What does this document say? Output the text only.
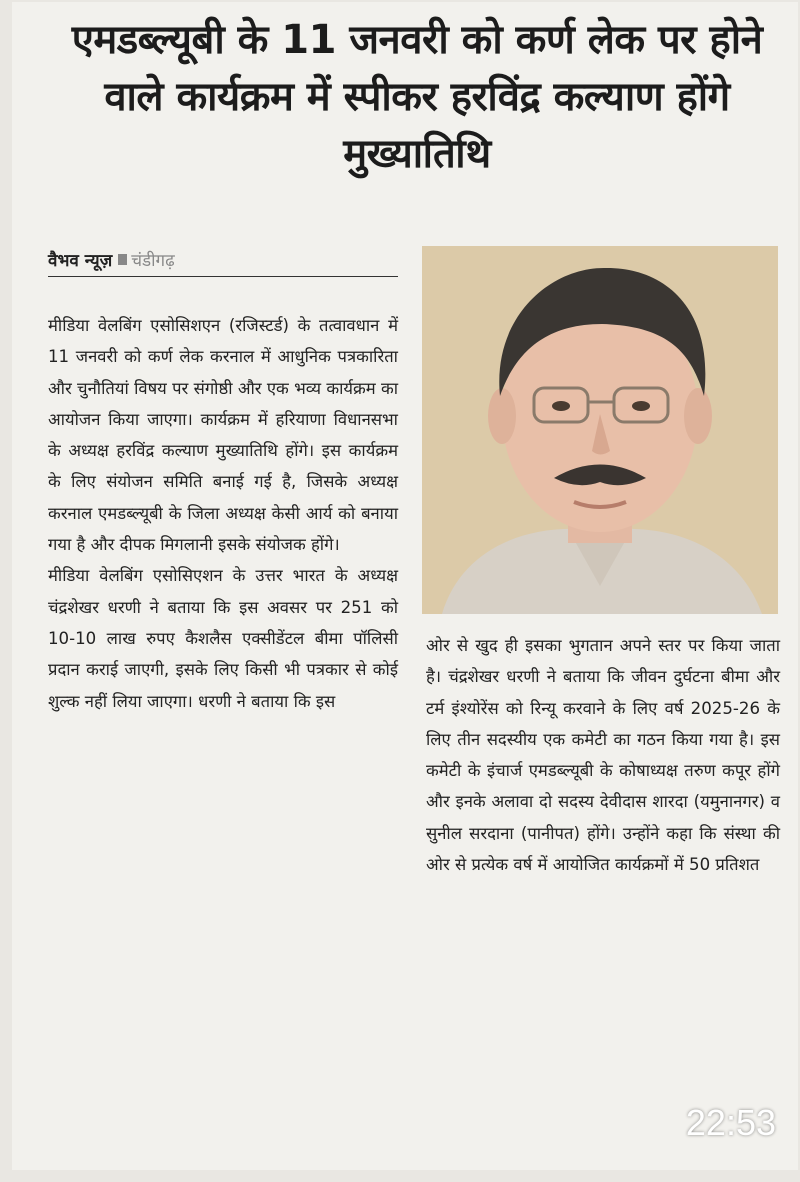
एमडब्ल्यूबी के 11 जनवरी को कर्ण लेक पर होने वाले कार्यक्रम में स्पीकर हरविंद्र कल्याण होंगे मुख्यातिथि
वैभव न्यूज़ चंडीगढ़

मीडिया वेलबिंग एसोसिशएन (रजिस्टर्ड) के तत्वावधान में 11 जनवरी को कर्ण लेक करनाल में आधुनिक पत्रकारिता और चुनौतियां विषय पर संगोष्ठी और एक भव्य कार्यक्रम का आयोजन किया जाएगा। कार्यक्रम में हरियाणा विधानसभा के अध्यक्ष हरविंद्र कल्याण मुख्यातिथि होंगे। इस कार्यक्रम के लिए संयोजन समिति बनाई गई है, जिसके अध्यक्ष करनाल एमडब्ल्यूबी के जिला अध्यक्ष केसी आर्य को बनाया गया है और दीपक मिगलानी इसके संयोजक होंगे।

मीडिया वेलबिंग एसोसिएशन के उत्तर भारत के अध्यक्ष चंद्रशेखर धरणी ने बताया कि इस अवसर पर 251 को 10-10 लाख रुपए कैशलैस एक्सीडेंटल बीमा पॉलिसी प्रदान कराई जाएगी, इसके लिए किसी भी पत्रकार से कोई शुल्क नहीं लिया जाएगा। धरणी ने बताया कि इस

ओर से खुद ही इसका भुगतान अपने स्तर पर किया जाता है। चंद्रशेखर धरणी ने बताया कि जीवन दुर्घटना बीमा और टर्म इंश्योरेंस को रिन्यू करवाने के लिए वर्ष 2025-26 के लिए तीन सदस्यीय एक कमेटी का गठन किया गया है। इस कमेटी के इंचार्ज एमडब्ल्यूबी के कोषाध्यक्ष तरुण कपूर होंगे और इनके अलावा दो सदस्य देवीदास शारदा (यमुनानगर) व सुनील सरदाना (पानीपत) होंगे। उन्होंने कहा कि संस्था की ओर से प्रत्येक वर्ष में आयोजित कार्यक्रमों में 50 प्रतिशत

22:53
